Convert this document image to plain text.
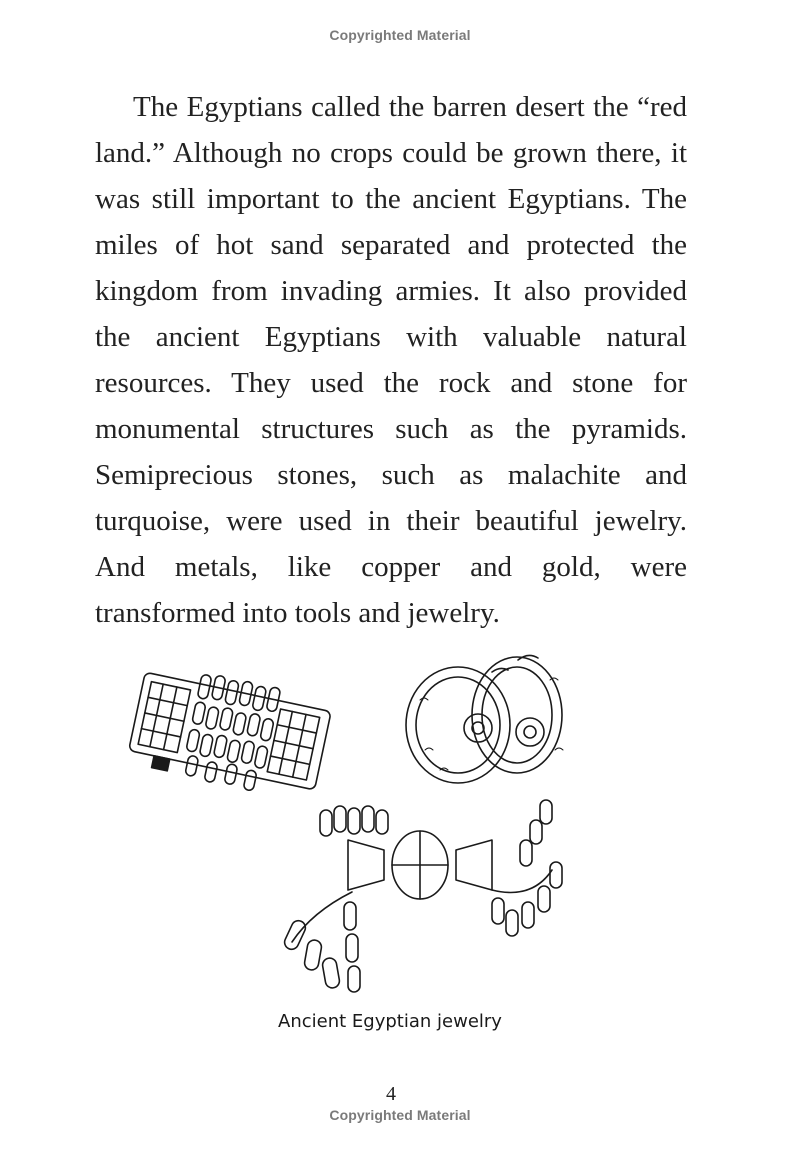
Copyrighted Material

The Egyptians called the barren desert the “red land.” Although no crops could be grown there, it was still important to the ancient Egyptians. The miles of hot sand separated and protected the kingdom from invading armies. It also provided the ancient Egyptians with valuable natural resources. They used the rock and stone for monumental structures such as the pyramids. Semiprecious stones, such as malachite and turquoise, were used in their beautiful jewelry. And metals, like copper and gold, were transformed into tools and jewelry.

Ancient Egyptian jewelry
4
Copyrighted Material
